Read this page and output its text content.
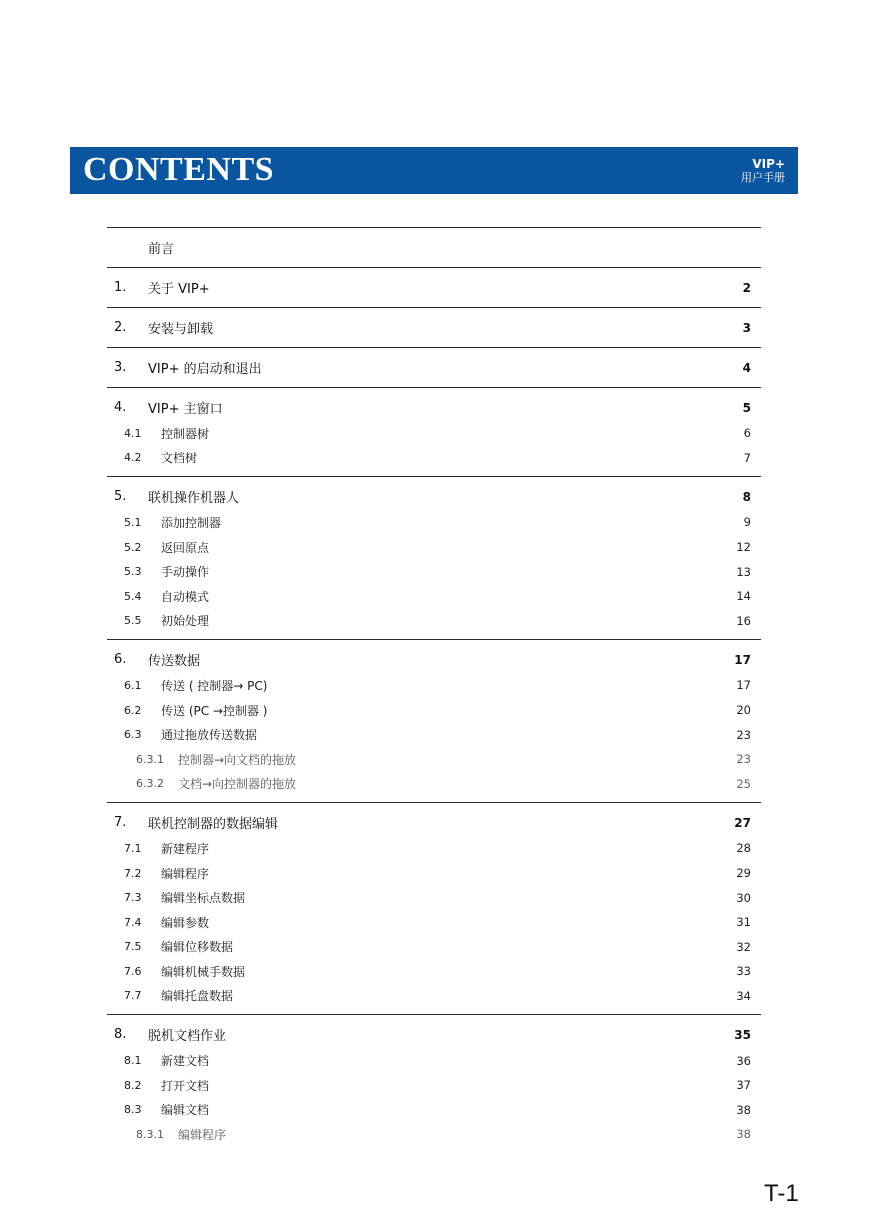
CONTENTS	VIP+
用户手册
前言
1.	关于 VIP+	2
2.	安装与卸载	3
3.	VIP+ 的启动和退出	4
4.	VIP+ 主窗口	5
4.1	控制器树	6
4.2	文档树	7
5.	联机操作机器人	8
5.1	添加控制器	9
5.2	返回原点	12
5.3	手动操作	13
5.4	自动模式	14
5.5	初始处理	16
6.	传送数据	17
6.1	传送 ( 控制器→ PC)	17
6.2	传送 (PC →控制器 )	20
6.3	通过拖放传送数据	23
6.3.1	控制器→向文档的拖放	23
6.3.2	文档→向控制器的拖放	25
7.	联机控制器的数据编辑	27
7.1	新建程序	28
7.2	编辑程序	29
7.3	编辑坐标点数据	30
7.4	编辑参数	31
7.5	编辑位移数据	32
7.6	编辑机械手数据	33
7.7	编辑托盘数据	34
8.	脱机文档作业	35
8.1	新建文档	36
8.2	打开文档	37
8.3	编辑文档	38
8.3.1	编辑程序	38
T-1
